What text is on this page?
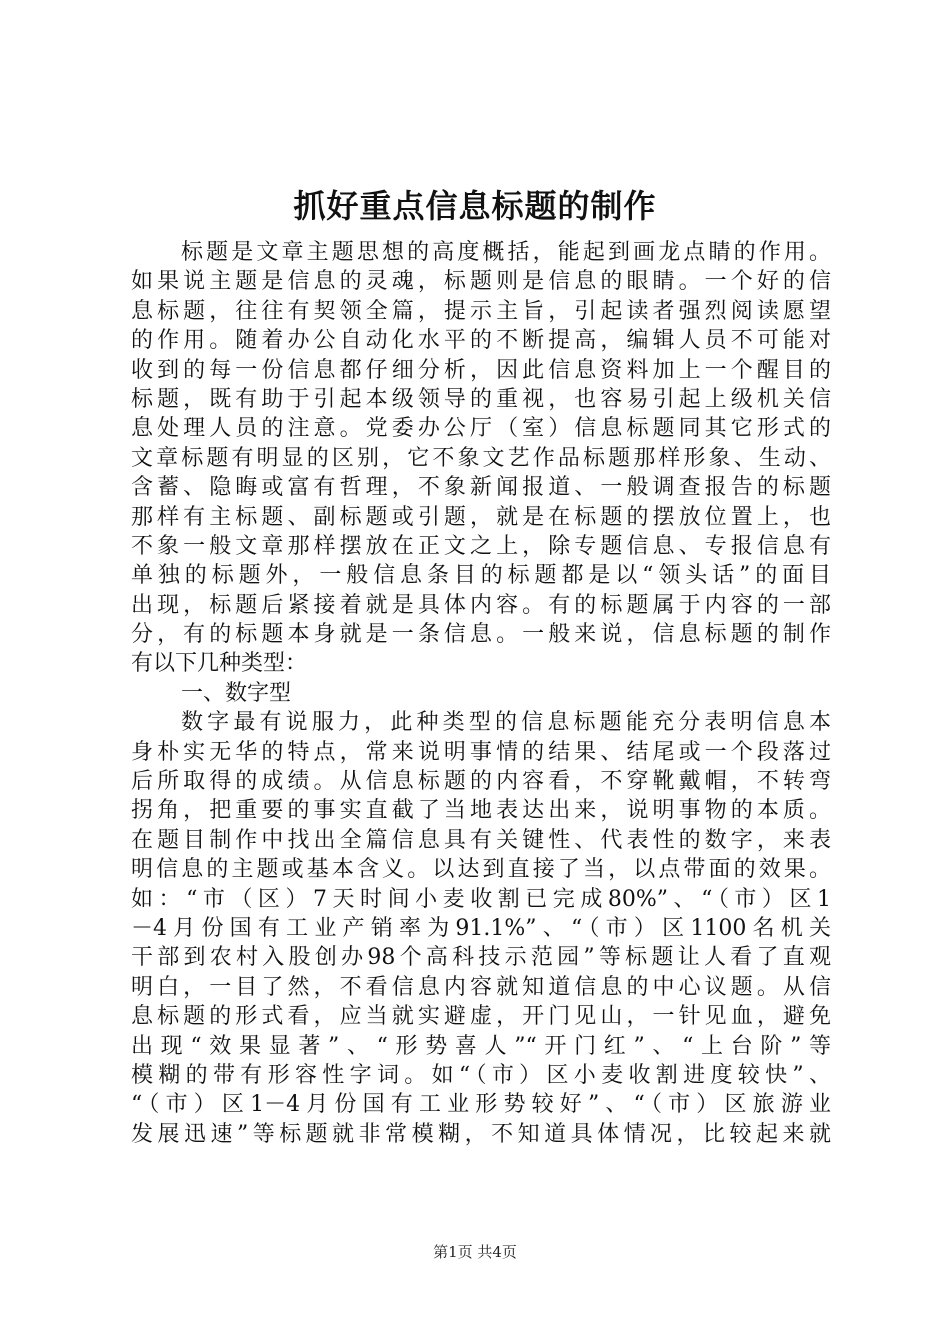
抓好重点信息标题的制作
标题是文章主题思想的高度概括，能起到画龙点睛的作用。
如果说主题是信息的灵魂，标题则是信息的眼睛。一个好的信
息标题，往往有契领全篇，提示主旨，引起读者强烈阅读愿望
的作用。随着办公自动化水平的不断提高，编辑人员不可能对
收到的每一份信息都仔细分析，因此信息资料加上一个醒目的
标题，既有助于引起本级领导的重视，也容易引起上级机关信
息处理人员的注意。党委办公厅（室）信息标题同其它形式的
文章标题有明显的区别，它不象文艺作品标题那样形象、生动、
含蓄、隐晦或富有哲理，不象新闻报道、一般调查报告的标题
那样有主标题、副标题或引题，就是在标题的摆放位置上，也
不象一般文章那样摆放在正文之上，除专题信息、专报信息有
单独的标题外，一般信息条目的标题都是以“领头话”的面目
出现，标题后紧接着就是具体内容。有的标题属于内容的一部
分，有的标题本身就是一条信息。一般来说，信息标题的制作
有以下几种类型：
一、数字型
数字最有说服力，此种类型的信息标题能充分表明信息本
身朴实无华的特点，常来说明事情的结果、结尾或一个段落过
后所取得的成绩。从信息标题的内容看，不穿靴戴帽，不转弯
拐角，把重要的事实直截了当地表达出来，说明事物的本质。
在题目制作中找出全篇信息具有关键性、代表性的数字，来表
明信息的主题或基本含义。以达到直接了当，以点带面的效果。
如：“市（区）7天时间小麦收割已完成80%”、“（市）区1
－4月份国有工业产销率为91.1%”、“（市）区1100名机关
干部到农村入股创办98个高科技示范园”等标题让人看了直观
明白，一目了然，不看信息内容就知道信息的中心议题。从信
息标题的形式看，应当就实避虚，开门见山，一针见血，避免
出现“效果显著”、“形势喜人”“开门红”、“上台阶”等
模糊的带有形容性字词。如“（市）区小麦收割进度较快”、
“（市）区1－4月份国有工业形势较好”、“（市）区旅游业
发展迅速”等标题就非常模糊，不知道具体情况，比较起来就
第1页 共4页
